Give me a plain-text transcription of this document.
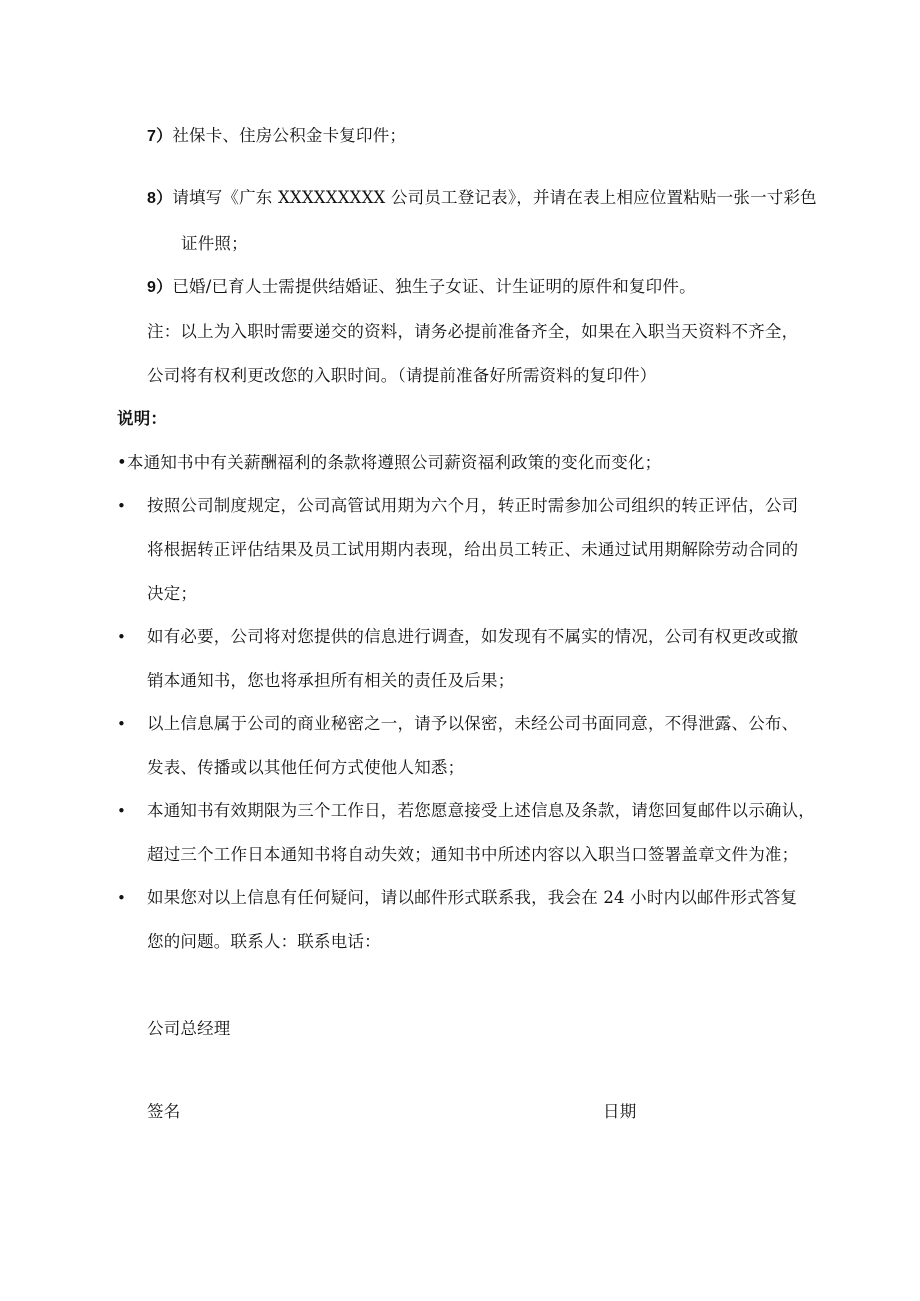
7）社保卡、住房公积金卡复印件；
8）请填写《广东 XXXXXXXXX 公司员工登记表》，并请在表上相应位置粘贴一张一寸彩色
证件照；
9）已婚/已育人士需提供结婚证、独生子女证、计生证明的原件和复印件。
注：以上为入职时需要递交的资料，请务必提前准备齐全，如果在入职当天资料不齐全，
公司将有权利更改您的入职时间。（请提前准备好所需资料的复印件）
说明：
•本通知书中有关薪酬福利的条款将遵照公司薪资福利政策的变化而变化；
• 按照公司制度规定，公司高管试用期为六个月，转正时需参加公司组织的转正评估，公司
将根据转正评估结果及员工试用期内表现，给出员工转正、未通过试用期解除劳动合同的
决定；
• 如有必要，公司将对您提供的信息进行调查，如发现有不属实的情况，公司有权更改或撤
销本通知书，您也将承担所有相关的责任及后果；
• 以上信息属于公司的商业秘密之一，请予以保密，未经公司书面同意，不得泄露、公布、
发表、传播或以其他任何方式使他人知悉；
• 本通知书有效期限为三个工作日，若您愿意接受上述信息及条款，请您回复邮件以示确认，
超过三个工作日本通知书将自动失效；通知书中所述内容以入职当口签署盖章文件为准；
• 如果您对以上信息有任何疑问，请以邮件形式联系我，我会在 24 小时内以邮件形式答复
您的问题。联系人：联系电话：
公司总经理
签名	日期
